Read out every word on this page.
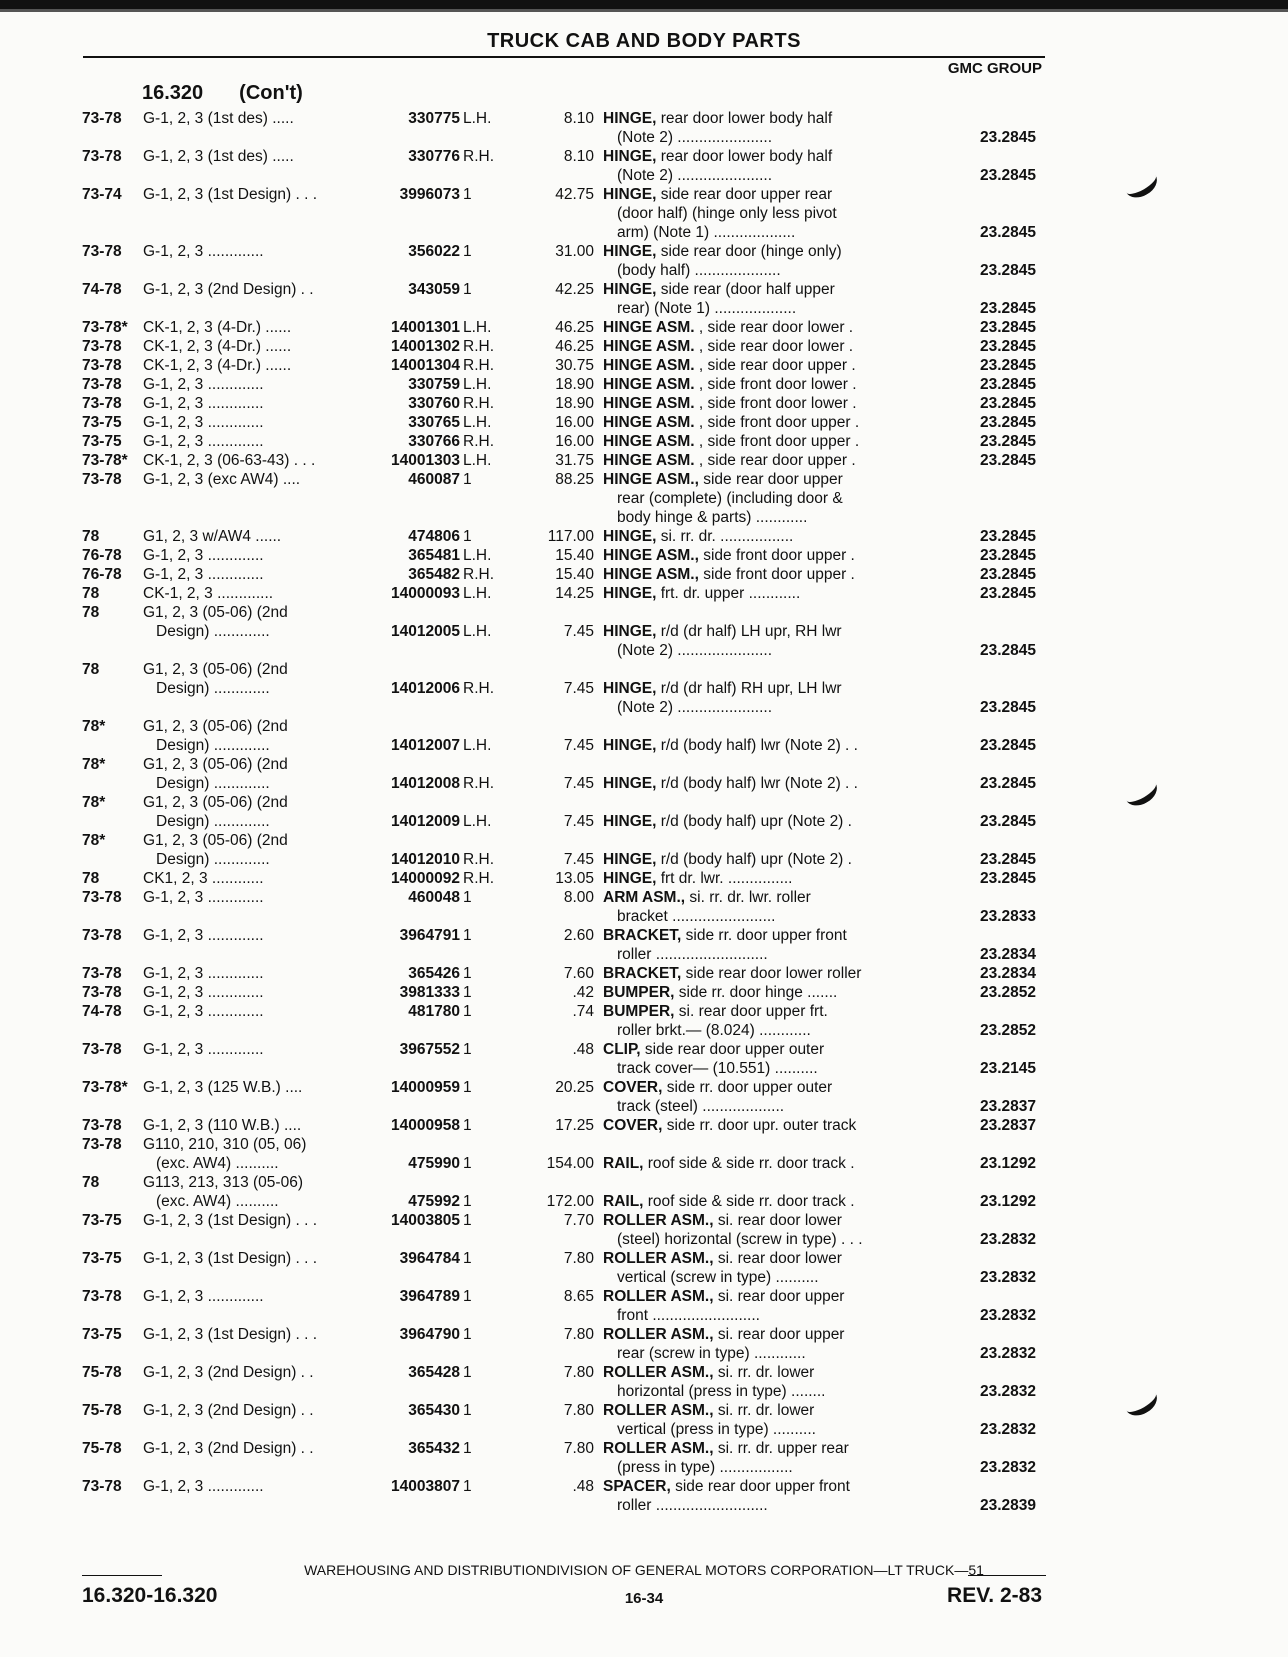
TRUCK CAB AND BODY PARTS
GMC GROUP
16.320 (Con't)
73-78 G-1, 2, 3 (1st des) .....	330775 L.H.	8.10 HINGE, rear door lower body half
(Note 2) ......................	23.2845
73-78 G-1, 2, 3 (1st des) .....	330776 R.H.	8.10 HINGE, rear door lower body half
(Note 2) ......................	23.2845
73-74 G-1, 2, 3 (1st Design) . . .	3996073 1	42.75 HINGE, side rear door upper rear
(door half) (hinge only less pivot
arm) (Note 1) ...................	23.2845
73-78 G-1, 2, 3 .............	356022 1	31.00 HINGE, side rear door (hinge only)
(body half) ....................	23.2845
74-78 G-1, 2, 3 (2nd Design) . .	343059 1	42.25 HINGE, side rear (door half upper
rear) (Note 1) ...................	23.2845
73-78* CK-1, 2, 3 (4-Dr.) ......	14001301 L.H.	46.25 HINGE ASM. , side rear door lower .	23.2845
73-78 CK-1, 2, 3 (4-Dr.) ......	14001302 R.H.	46.25 HINGE ASM. , side rear door lower .	23.2845
73-78 CK-1, 2, 3 (4-Dr.) ......	14001304 R.H.	30.75 HINGE ASM. , side rear door upper .	23.2845
73-78 G-1, 2, 3 .............	330759 L.H.	18.90 HINGE ASM. , side front door lower .	23.2845
73-78 G-1, 2, 3 .............	330760 R.H.	18.90 HINGE ASM. , side front door lower .	23.2845
73-75 G-1, 2, 3 .............	330765 L.H.	16.00 HINGE ASM. , side front door upper .	23.2845
73-75 G-1, 2, 3 .............	330766 R.H.	16.00 HINGE ASM. , side front door upper .	23.2845
73-78* CK-1, 2, 3 (06-63-43) . . .	14001303 L.H.	31.75 HINGE ASM. , side rear door upper .	23.2845
73-78 G-1, 2, 3 (exc AW4) ....	460087 1	88.25 HINGE ASM., side rear door upper
rear (complete) (including door &
body hinge & parts) ............
78	G1, 2, 3 w/AW4 ......	474806 1	117.00 HINGE, si. rr. dr. .................	23.2845
76-78 G-1, 2, 3 .............	365481 L.H.	15.40 HINGE ASM., side front door upper .	23.2845
76-78 G-1, 2, 3 .............	365482 R.H.	15.40 HINGE ASM., side front door upper .	23.2845
78	CK-1, 2, 3 .............	14000093 L.H.	14.25 HINGE, frt. dr. upper ............	23.2845
78	G1, 2, 3 (05-06) (2nd
Design) .............	14012005 L.H.	7.45 HINGE, r/d (dr half) LH upr, RH lwr
(Note 2) ......................	23.2845
78	G1, 2, 3 (05-06) (2nd
Design) .............	14012006 R.H.	7.45 HINGE, r/d (dr half) RH upr, LH lwr
(Note 2) ......................	23.2845
78* G1, 2, 3 (05-06) (2nd
Design) .............	14012007 L.H.	7.45 HINGE, r/d (body half) lwr (Note 2) . .	23.2845
78* G1, 2, 3 (05-06) (2nd
Design) .............	14012008 R.H.	7.45 HINGE, r/d (body half) lwr (Note 2) . .	23.2845
78* G1, 2, 3 (05-06) (2nd
Design) .............	14012009 L.H.	7.45 HINGE, r/d (body half) upr (Note 2) .	23.2845
78* G1, 2, 3 (05-06) (2nd
Design) .............	14012010 R.H.	7.45 HINGE, r/d (body half) upr (Note 2) .	23.2845
78	CK1, 2, 3 ............	14000092 R.H.	13.05 HINGE, frt dr. lwr. ...............	23.2845
73-78 G-1, 2, 3 .............	460048 1	8.00 ARM ASM., si. rr. dr. lwr. roller
bracket ........................	23.2833
73-78 G-1, 2, 3 .............	3964791 1	2.60 BRACKET, side rr. door upper front
roller ..........................	23.2834
73-78 G-1, 2, 3 .............	365426 1	7.60 BRACKET, side rear door lower roller	23.2834
73-78 G-1, 2, 3 .............	3981333 1	.42 BUMPER, side rr. door hinge .......	23.2852
74-78 G-1, 2, 3 .............	481780 1	.74 BUMPER, si. rear door upper frt.
roller brkt.— (8.024) ............	23.2852
73-78 G-1, 2, 3 .............	3967552 1	.48 CLIP, side rear door upper outer
track cover— (10.551) ..........	23.2145
73-78* G-1, 2, 3 (125 W.B.) ....	14000959 1	20.25 COVER, side rr. door upper outer
track (steel) ...................	23.2837
73-78 G-1, 2, 3 (110 W.B.) ....	14000958 1	17.25 COVER, side rr. door upr. outer track	23.2837
73-78 G110, 210, 310 (05, 06)
(exc. AW4) ..........	475990 1	154.00 RAIL, roof side & side rr. door track .	23.1292
78	G113, 213, 313 (05-06)
(exc. AW4) ..........	475992 1	172.00 RAIL, roof side & side rr. door track .	23.1292
73-75 G-1, 2, 3 (1st Design) . . .	14003805 1	7.70 ROLLER ASM., si. rear door lower
(steel) horizontal (screw in type) . . .	23.2832
73-75 G-1, 2, 3 (1st Design) . . .	3964784 1	7.80 ROLLER ASM., si. rear door lower
vertical (screw in type) ..........	23.2832
73-78 G-1, 2, 3 .............	3964789 1	8.65 ROLLER ASM., si. rear door upper
front .........................	23.2832
73-75 G-1, 2, 3 (1st Design) . . .	3964790 1	7.80 ROLLER ASM., si. rear door upper
rear (screw in type) ............	23.2832
75-78 G-1, 2, 3 (2nd Design) . .	365428 1	7.80 ROLLER ASM., si. rr. dr. lower
horizontal (press in type) ........	23.2832
75-78 G-1, 2, 3 (2nd Design) . .	365430 1	7.80 ROLLER ASM., si. rr. dr. lower
vertical (press in type) ..........	23.2832
75-78 G-1, 2, 3 (2nd Design) . .	365432 1	7.80 ROLLER ASM., si. rr. dr. upper rear
(press in type) .................	23.2832
73-78 G-1, 2, 3 .............	14003807 1	.48 SPACER, side rear door upper front
roller ..........................	23.2839
WAREHOUSING AND DISTRIBUTIONDIVISION OF GENERAL MOTORS CORPORATION—LT TRUCK—51
16.320-16.320	16-34	REV. 2-83
